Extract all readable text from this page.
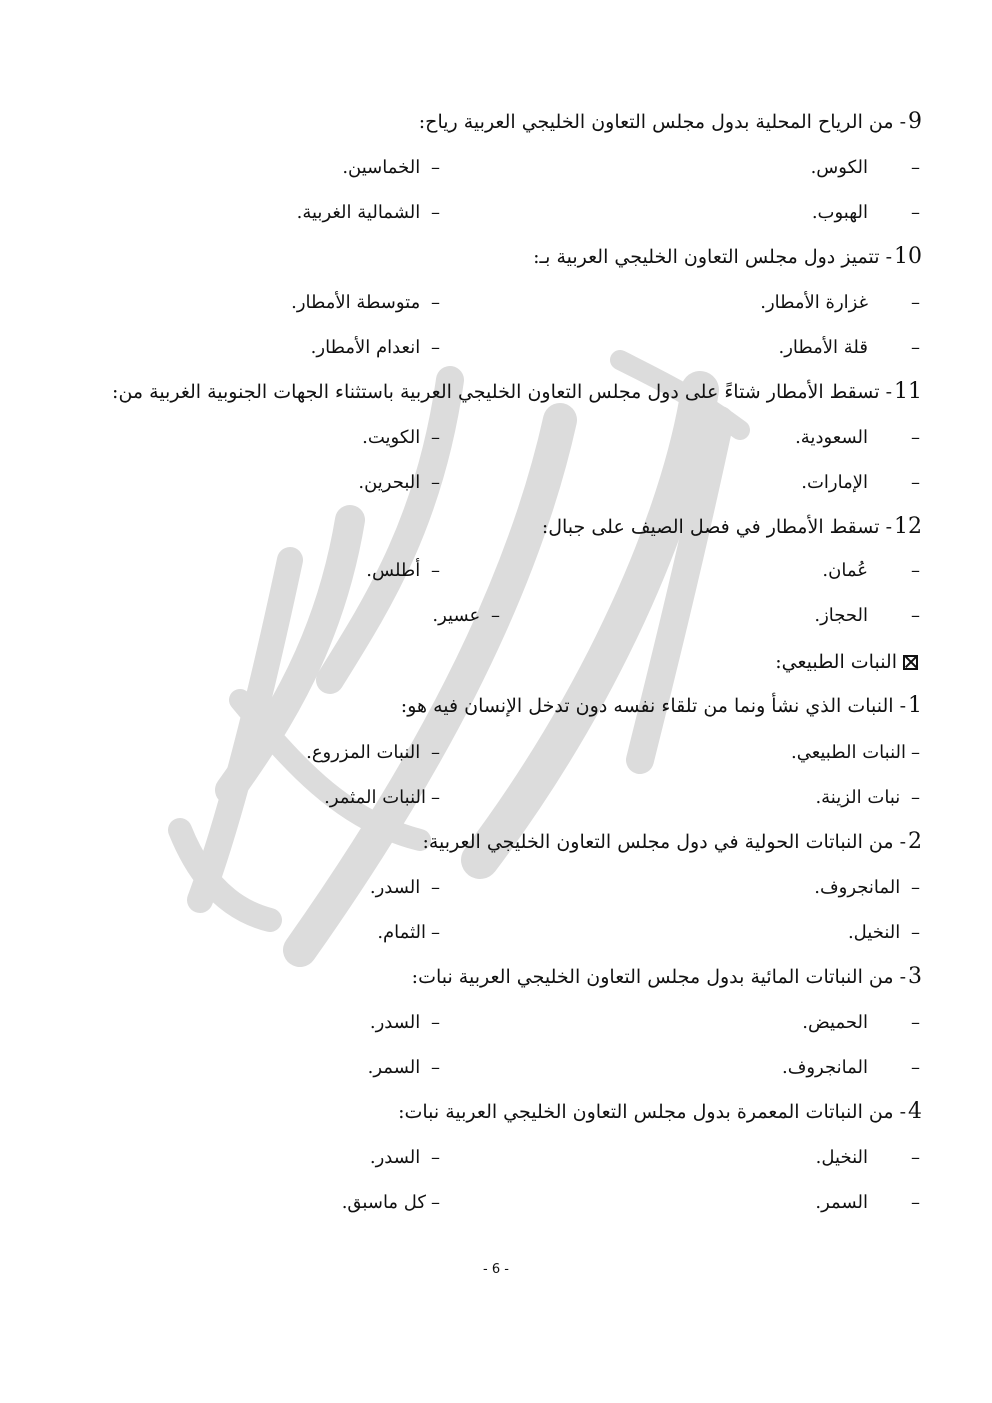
9- من الرياح المحلية بدول مجلس التعاون الخليجي العربية رياح:
–الكوس.
– الخماسين.
–الهبوب.
– الشمالية الغربية.
10- تتميز دول مجلس التعاون الخليجي العربية بـ:
–غزارة الأمطار.
– متوسطة الأمطار.
–قلة الأمطار.
– انعدام الأمطار.
11- تسقط الأمطار شتاءً على دول مجلس التعاون الخليجي العربية باستثناء الجهات الجنوبية الغربية من:
–السعودية.
– الكويت.
–الإمارات.
– البحرين.
12- تسقط الأمطار في فصل الصيف على جبال:
–عُمان.
– أطلس.
–الحجاز.
– عسير.
النبات الطبيعي:
1- النبات الذي نشأ ونما من تلقاء نفسه دون تدخل الإنسان فيه هو:
–النبات الطبيعي.
– النبات المزروع.
– نبات الزينة.
–النبات المثمر.
2- من النباتات الحولية في دول مجلس التعاون الخليجي العربية:
– المانجروف.
– السدر.
– النخيل.
–الثمام.
3- من النباتات المائية بدول مجلس التعاون الخليجي العربية نبات:
–الحميض.
– السدر.
–المانجروف.
– السمر.
4- من النباتات المعمرة بدول مجلس التعاون الخليجي العربية نبات:
–النخيل.
– السدر.
–السمر.
–كل ماسبق.
- 6 -
